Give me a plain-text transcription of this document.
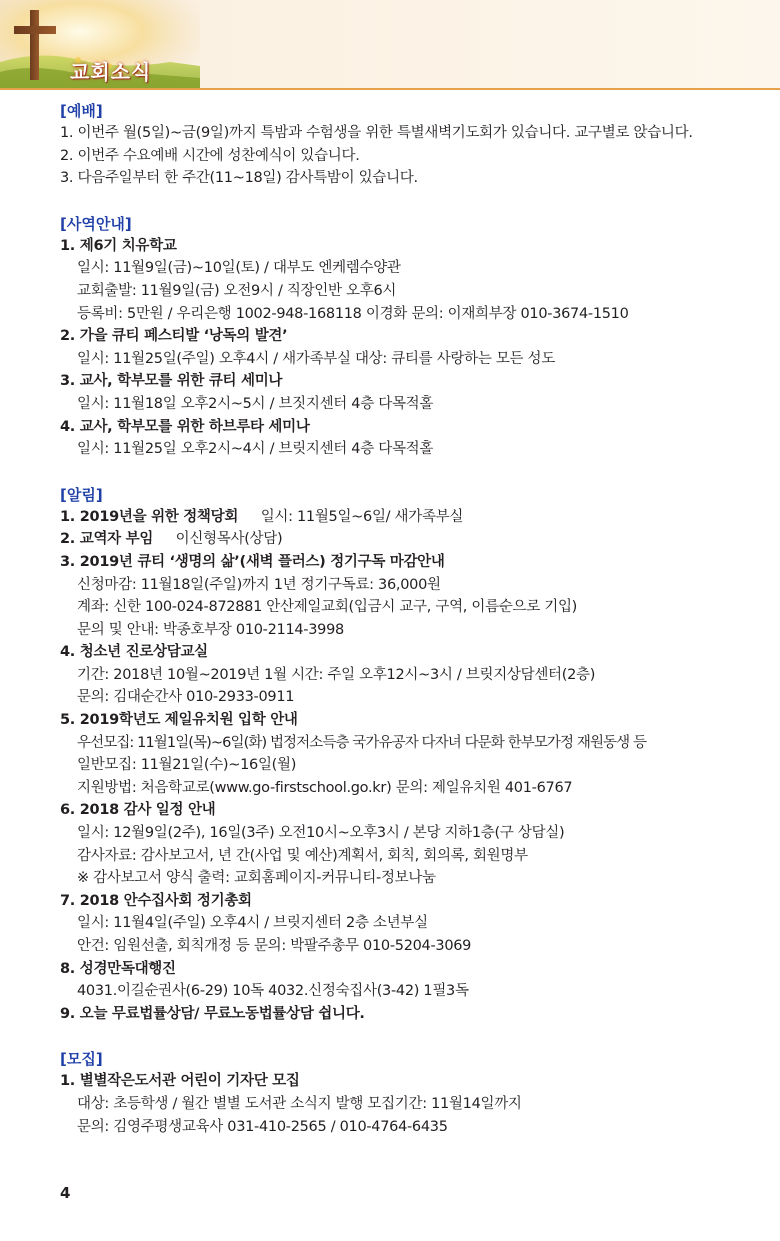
교회소식
[예배]
1. 이번주 월(5일)~금(9일)까지 특밤과 수험생을 위한 특별새벽기도회가 있습니다. 교구별로 앉습니다.
2. 이번주 수요예배 시간에 성찬예식이 있습니다.
3. 다음주일부터 한 주간(11~18일) 감사특밤이 있습니다.
[사역안내]
1. 제6기 치유학교
일시: 11월9일(금)~10일(토) / 대부도 엔케렘수양관
교회출발: 11월9일(금) 오전9시 / 직장인반 오후6시
등록비: 5만원 / 우리은행 1002-948-168118 이경화 문의: 이재희부장 010-3674-1510
2. 가을 큐티 페스티발 ‘낭독의 발견’
일시: 11월25일(주일) 오후4시 / 새가족부실 대상: 큐티를 사랑하는 모든 성도
3. 교사, 학부모를 위한 큐티 세미나
일시: 11월18일 오후2시~5시 / 브짓지센터 4층 다목적홀
4. 교사, 학부모를 위한 하브루타 세미나
일시: 11월25일 오후2시~4시 / 브릿지센터 4층 다목적홀
[알림]
1. 2019년을 위한 정책당회 일시: 11월5일~6일/ 새가족부실
2. 교역자 부임 이신형목사(상담)
3. 2019년 큐티 ‘생명의 삶’(새벽 플러스) 정기구독 마감안내
신청마감: 11월18일(주일)까지 1년 정기구독료: 36,000원
계좌: 신한 100-024-872881 안산제일교회(입금시 교구, 구역, 이름순으로 기입)
문의 및 안내: 박종호부장 010-2114-3998
4. 청소년 진로상담교실
기간: 2018년 10월~2019년 1월 시간: 주일 오후12시~3시 / 브릿지상담센터(2층)
문의: 김대순간사 010-2933-0911
5. 2019학년도 제일유치원 입학 안내
우선모집: 11월1일(목)~6일(화) 법정저소득층 국가유공자 다자녀 다문화 한부모가정 재원동생 등
일반모집: 11월21일(수)~16일(월)
지원방법: 처음학교로(www.go-firstschool.go.kr) 문의: 제일유치원 401-6767
6. 2018 감사 일정 안내
일시: 12월9일(2주), 16일(3주) 오전10시~오후3시 / 본당 지하1층(구 상담실)
감사자료: 감사보고서, 년 간(사업 및 예산)계획서, 회칙, 회의록, 회원명부
※ 감사보고서 양식 출력: 교회홈페이지-커뮤니티-정보나눔
7. 2018 안수집사회 정기총회
일시: 11월4일(주일) 오후4시 / 브릿지센터 2층 소년부실
안건: 임원선출, 회칙개정 등 문의: 박팔주총무 010-5204-3069
8. 성경만독대행진
4031.이길순권사(6-29) 10독 4032.신정숙집사(3-42) 1필3독
9. 오늘 무료법률상담/ 무료노동법률상담 쉽니다.
[모집]
1. 별별작은도서관 어린이 기자단 모집
대상: 초등학생 / 월간 별별 도서관 소식지 발행 모집기간: 11월14일까지
문의: 김영주평생교육사 031-410-2565 / 010-4764-6435
4
